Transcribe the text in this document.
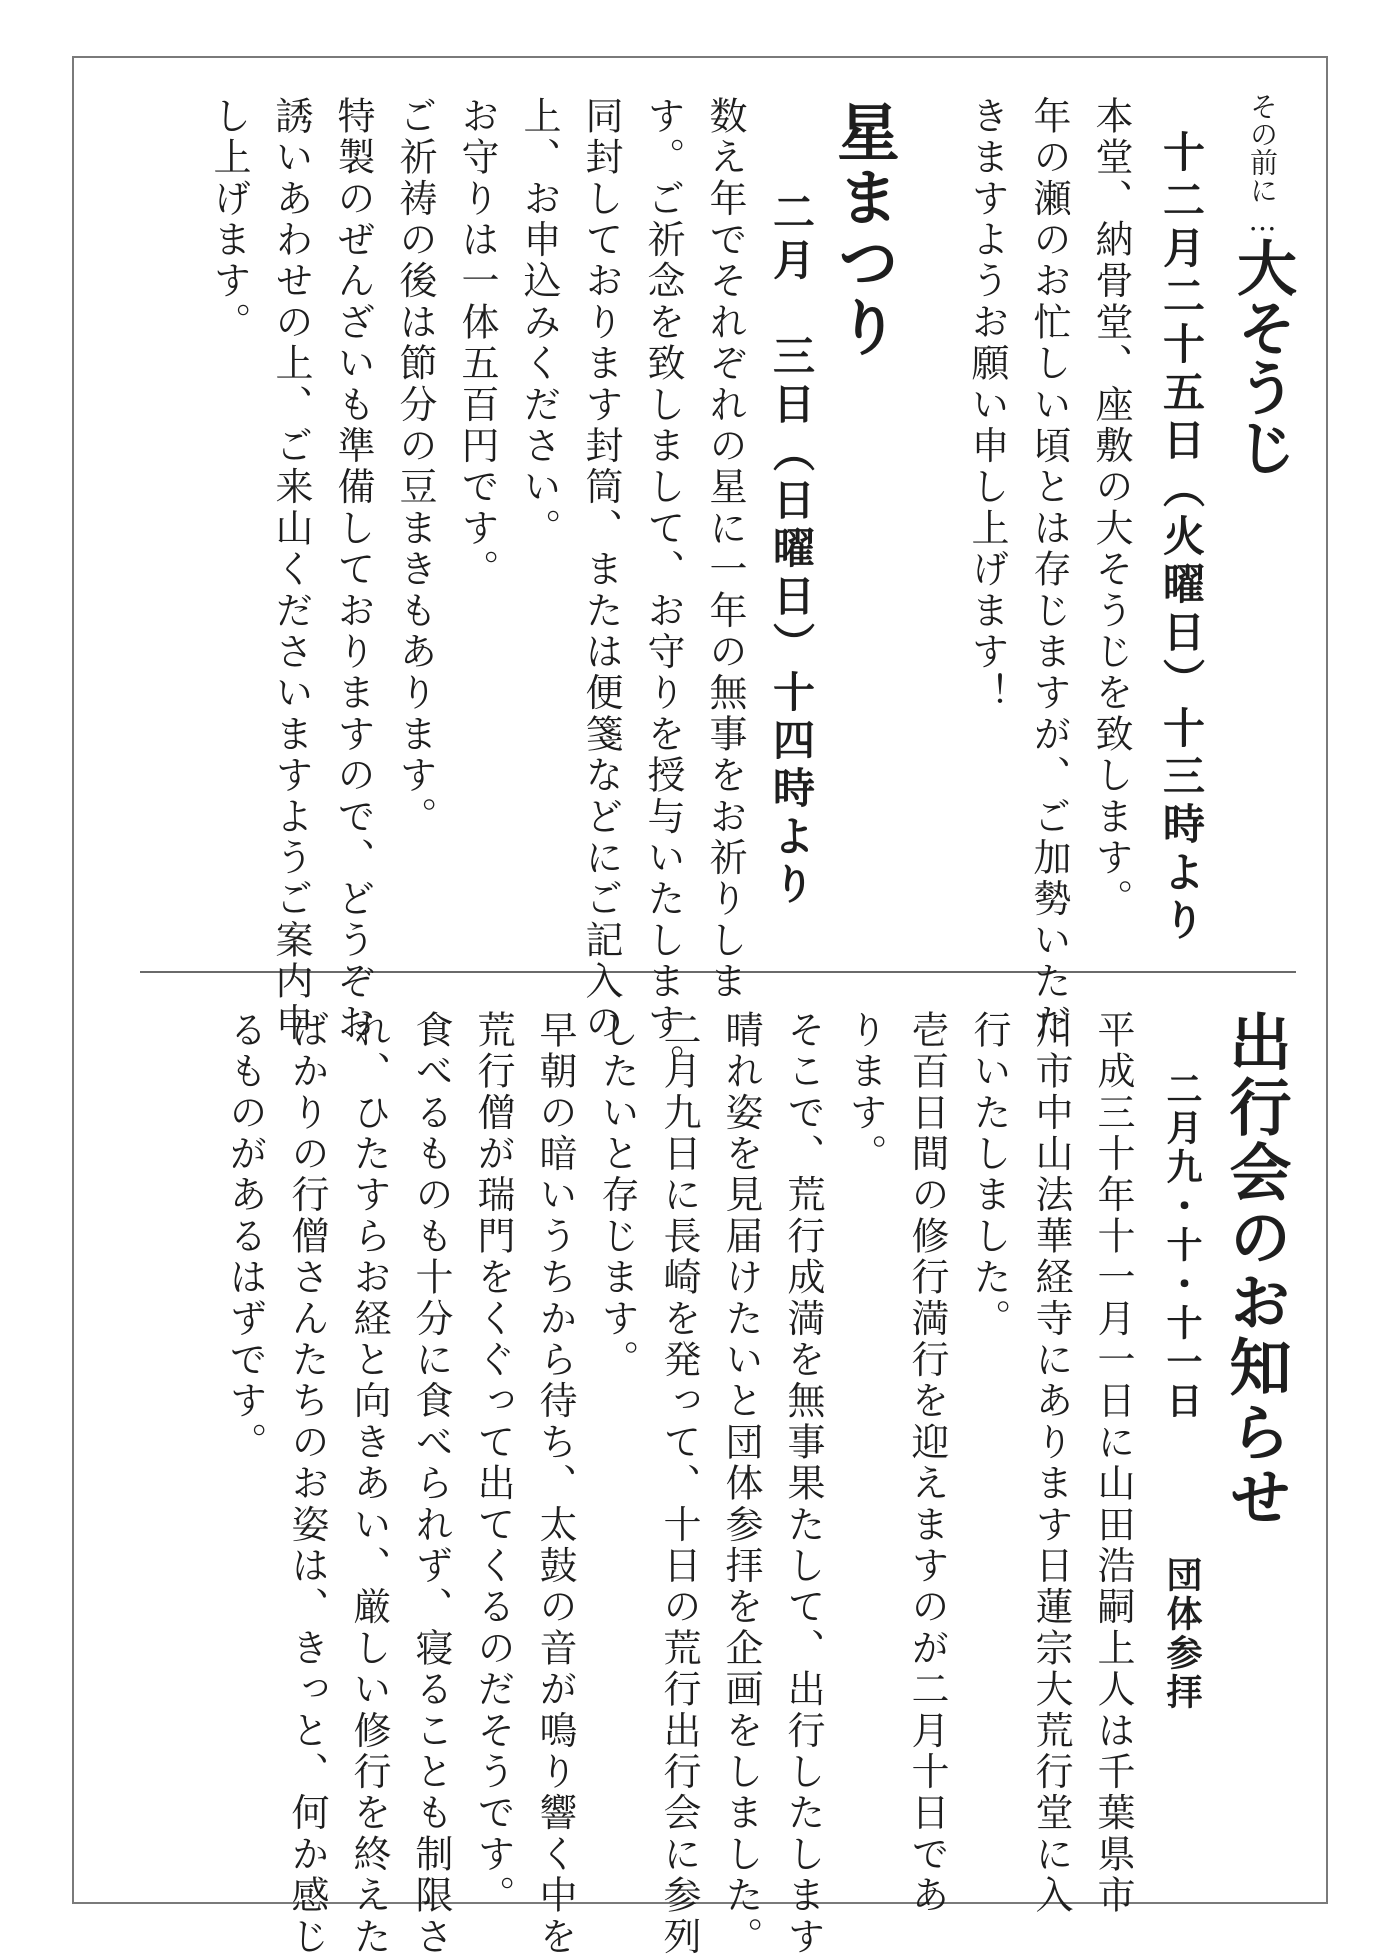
その前に…大そうじ
十二月二十五日（火曜日）十三時より
本堂、納骨堂、座敷の大そうじを致します。
年の瀬のお忙しい頃とは存じますが、ご加勢いただ
きますようお願い申し上げます！
星まつり
二月　三日（日曜日）十四時より
数え年でそれぞれの星に一年の無事をお祈りしま
す。ご祈念を致しまして、お守りを授与いたします。
同封しております封筒、または便箋などにご記入の
上、お申込みください。
お守りは一体五百円です。
ご祈祷の後は節分の豆まきもあります。
特製のぜんざいも準備しておりますので、どうぞお
誘いあわせの上、ご来山くださいますようご案内申
し上げます。
出行会のお知らせ
二月九・十・十一日
団体参拝
平成三十年十一月一日に山田浩嗣上人は千葉県市
川市中山法華経寺にあります日蓮宗大荒行堂に入
行いたしました。
壱百日間の修行満行を迎えますのが二月十日であ
ります。
そこで、荒行成満を無事果たして、出行したします
晴れ姿を見届けたいと団体参拝を企画をしました。
二月九日に長崎を発って、十日の荒行出行会に参列
したいと存じます。
早朝の暗いうちから待ち、太鼓の音が鳴り響く中を
荒行僧が瑞門をくぐって出てくるのだそうです。
食べるものも十分に食べられず、寝ることも制限さ
れ、ひたすらお経と向きあい、厳しい修行を終えた
ばかりの行僧さんたちのお姿は、きっと、何か感じ
るものがあるはずです。
